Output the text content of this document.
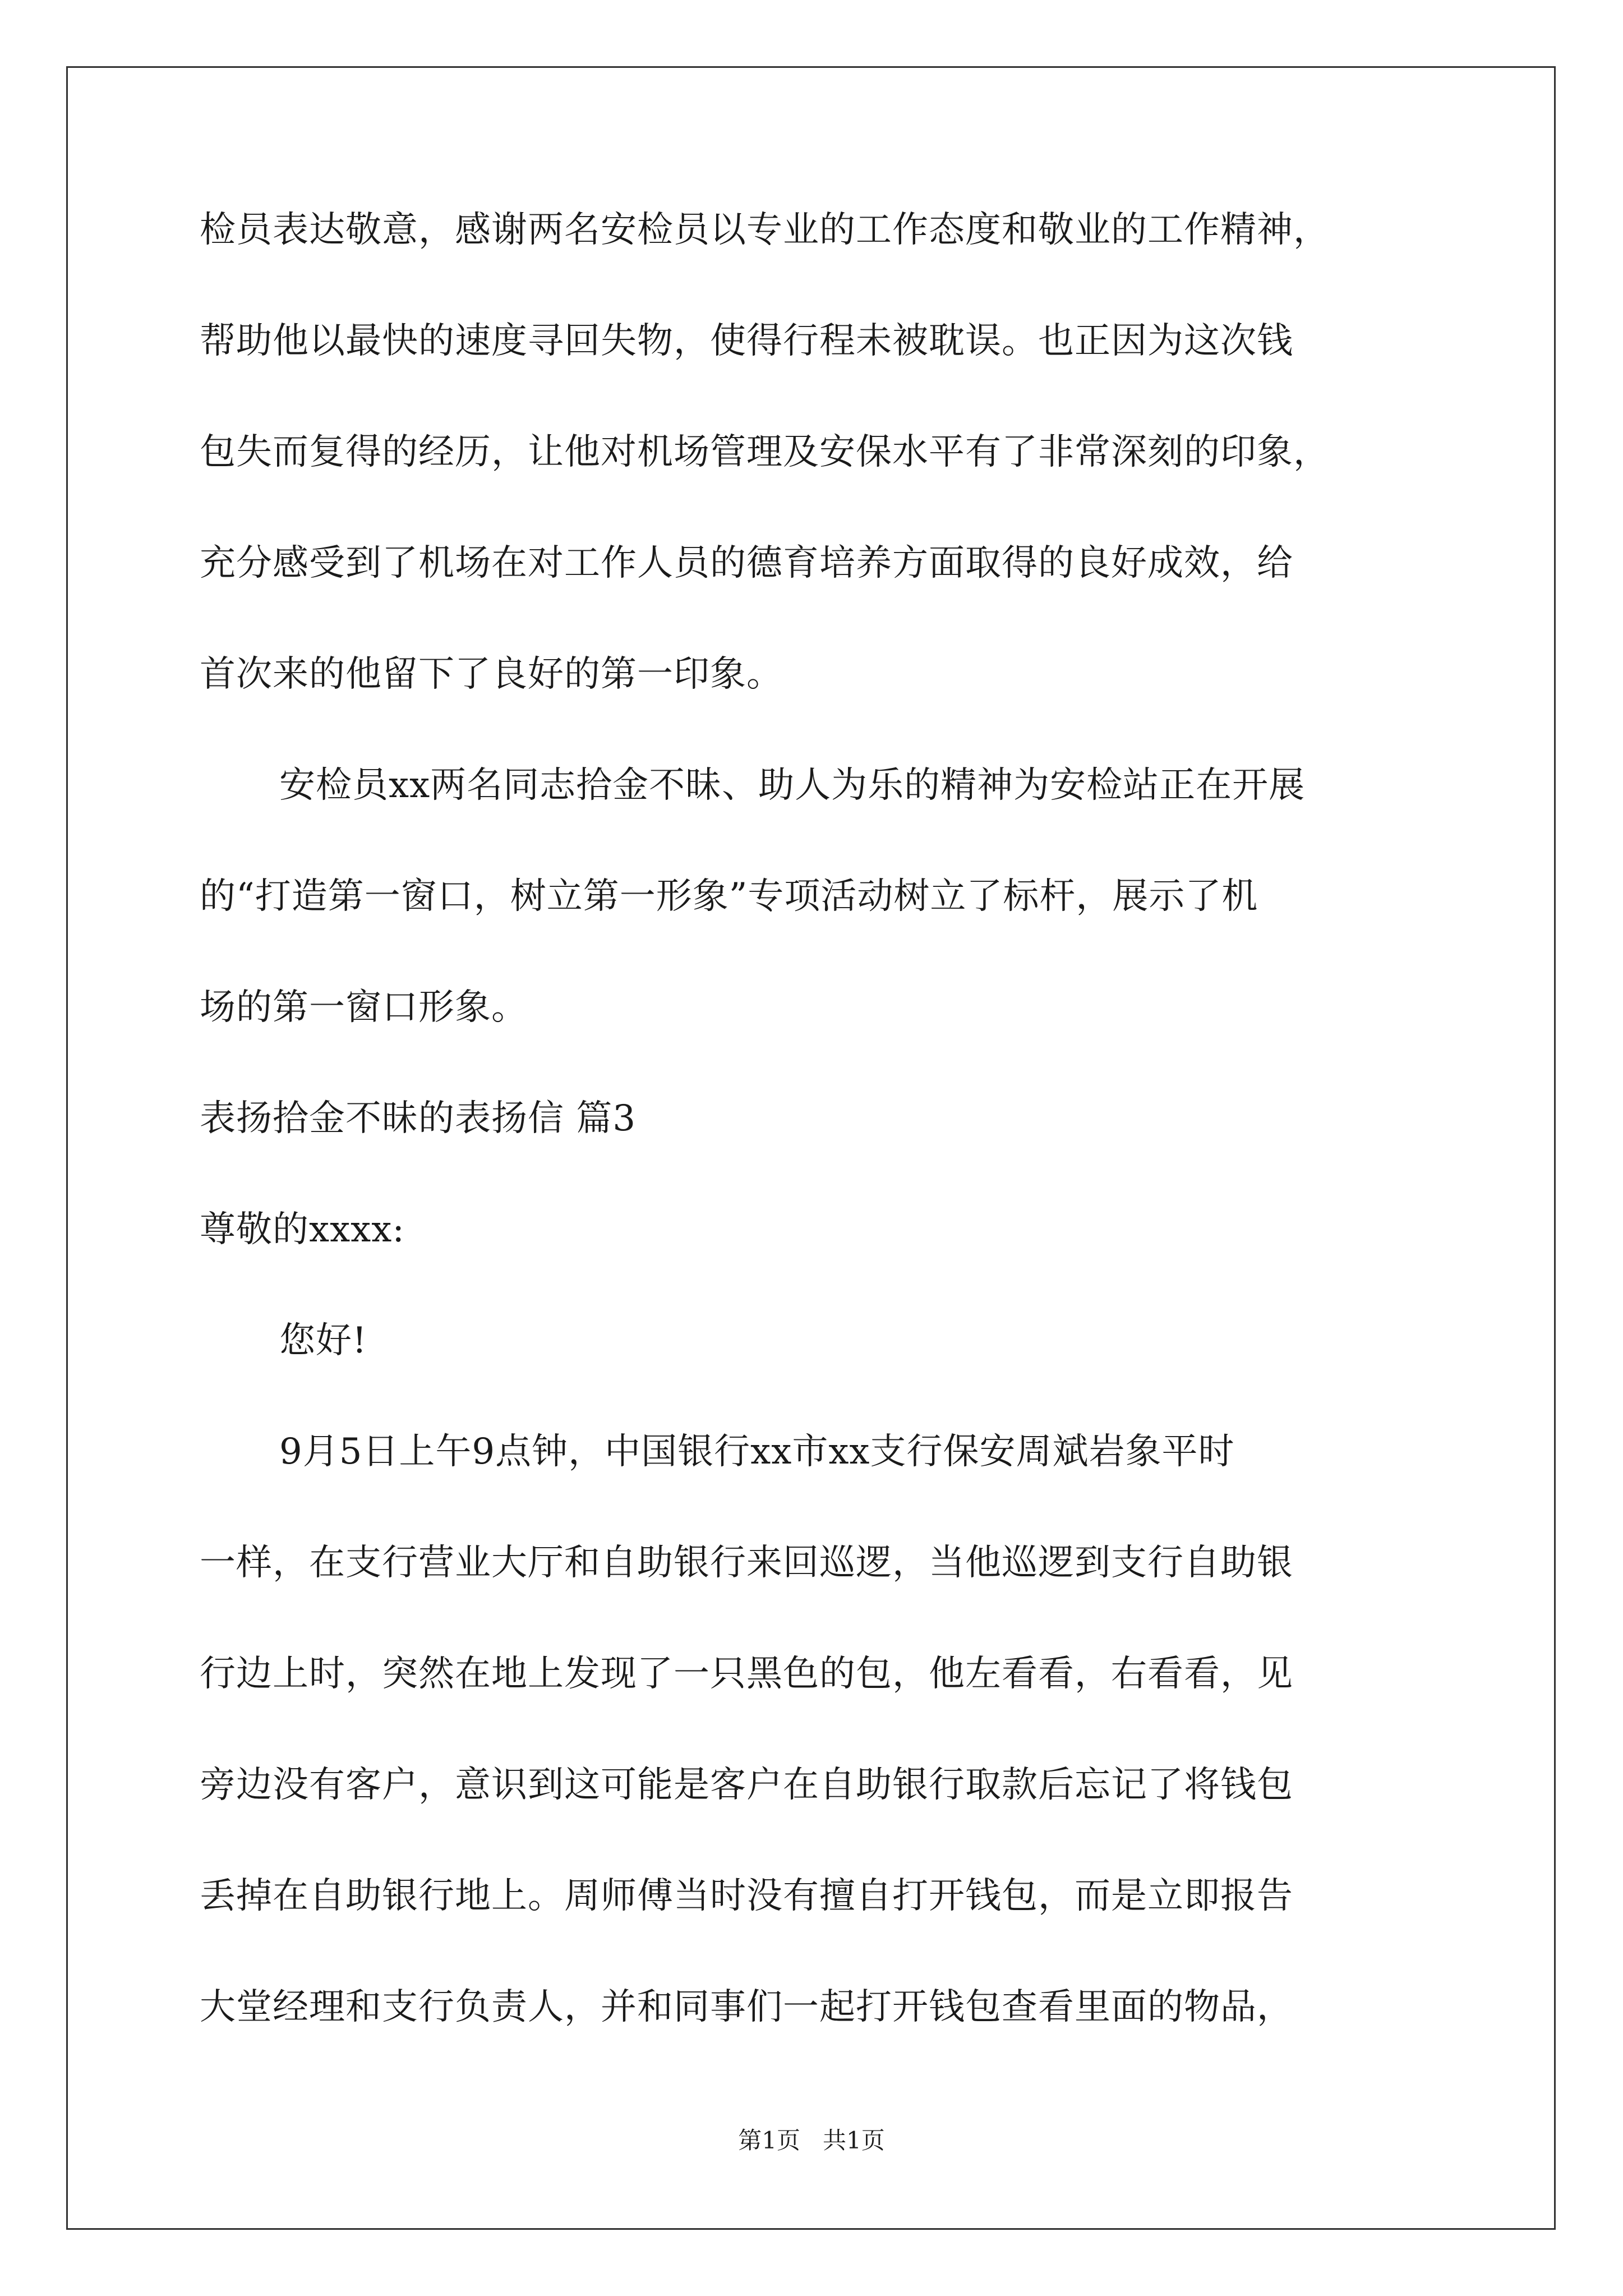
检员表达敬意，感谢两名安检员以专业的工作态度和敬业的工作精神，
帮助他以最快的速度寻回失物，使得行程未被耽误。也正因为这次钱
包失而复得的经历，让他对机场管理及安保水平有了非常深刻的印象，
充分感受到了机场在对工作人员的德育培养方面取得的良好成效，给
首次来的他留下了良好的第一印象。
安检员xx两名同志拾金不昧、助人为乐的精神为安检站正在开展
的“打造第一窗口，树立第一形象”专项活动树立了标杆，展示了机
场的第一窗口形象。
表扬拾金不昧的表扬信 篇3
尊敬的xxxx:
您好!
9月5日上午9点钟，中国银行xx市xx支行保安周斌岩象平时
一样，在支行营业大厅和自助银行来回巡逻，当他巡逻到支行自助银
行边上时，突然在地上发现了一只黑色的包，他左看看，右看看，见
旁边没有客户，意识到这可能是客户在自助银行取款后忘记了将钱包
丢掉在自助银行地上。周师傅当时没有擅自打开钱包，而是立即报告
大堂经理和支行负责人，并和同事们一起打开钱包查看里面的物品，
第1页   共1页
